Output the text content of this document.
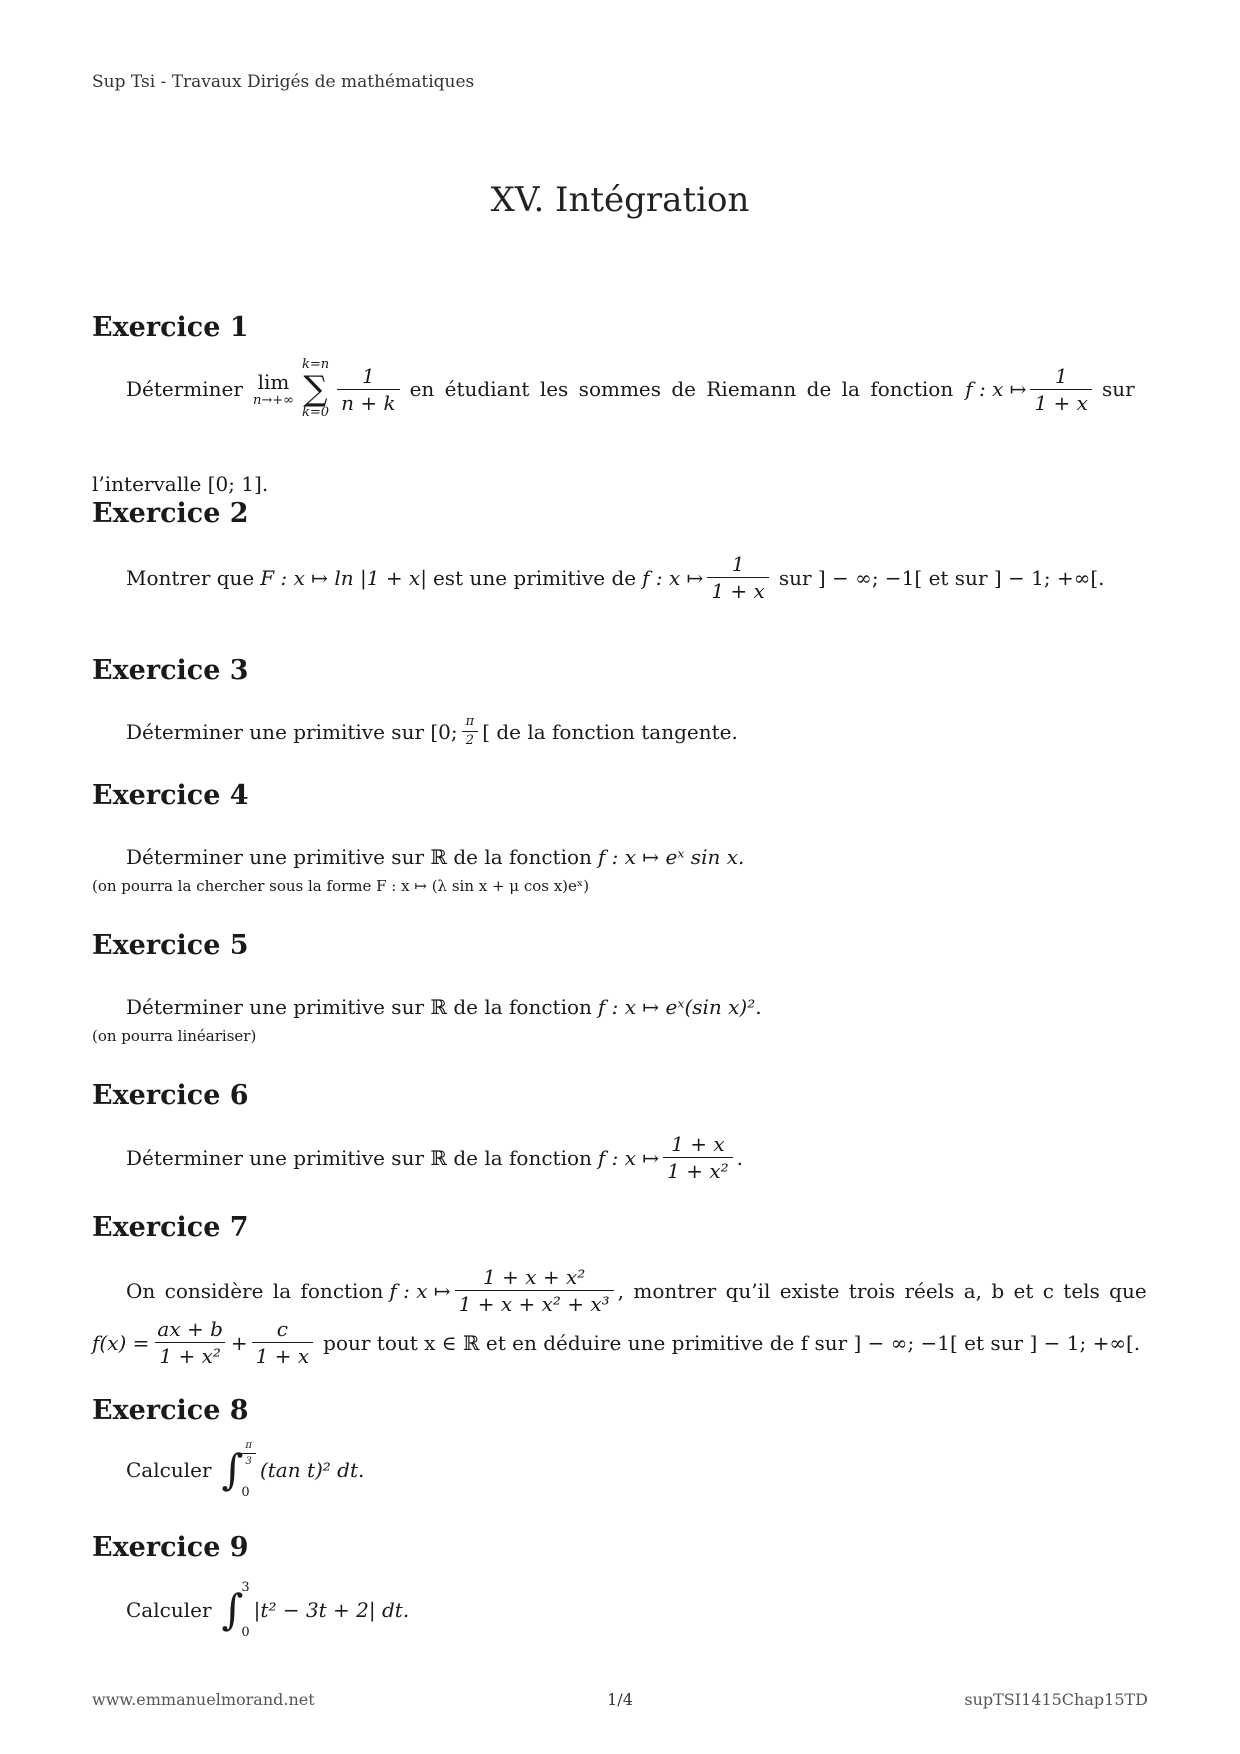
Sup Tsi - Travaux Dirigés de mathématiques
XV. Intégration
Exercice 1
Déterminer lim
n→+∞
k=n
∑
$k=0 \frac{1}{n + k}$ en étudiant les sommes de Riemann de la fonction f : x ↦ $\frac{1}{1 + x}$ sur
l’intervalle [0; 1].
Exercice 2
Montrer que F : x ↦ ln |1 + x| est une primitive de f : x ↦ $\frac{1}{1 + x}$ sur ] − ∞; −1[ et sur ] − 1; +∞[.
Exercice 3
Déterminer une primitive sur [0; $\frac{\pi}{2}$ [ de la fonction tangente.
Exercice 4
Déterminer une primitive sur ℝ de la fonction f : x ↦ eˣ sin x.
(on pourra la chercher sous la forme F : x ↦ (λ sin x + μ cos x)eˣ)
Exercice 5
Déterminer une primitive sur ℝ de la fonction f : x ↦ eˣ(sin x)².
(on pourra linéariser)
Exercice 6
Déterminer une primitive sur ℝ de la fonction f : x ↦ $\frac{1 + x}{\text{1 + x²}}$ .
Exercice 7
On considère la fonction f : x ↦ $\frac{\text{1 + x + x²}}{\text{1 + x + x² + x³}}$ , montrer qu’il existe trois réels a, b et c tels que
$f(x) = \frac{ax + b}{\text{1 + x²}} + \frac{c}{1 + x}$ pour tout x ∈ ℝ et en déduire une primitive de f sur ] − ∞; −1[ et sur ] − 1; +∞[.
Exercice 8
Calculer ∫
$\frac{\pi}{3}$
0
(tan t)² dt.
Exercice 9
Calculer ∫
3
0
|t² − 3t + 2| dt.
www.emmanuelmorand.net	1/4	supTSI1415Chap15TD
